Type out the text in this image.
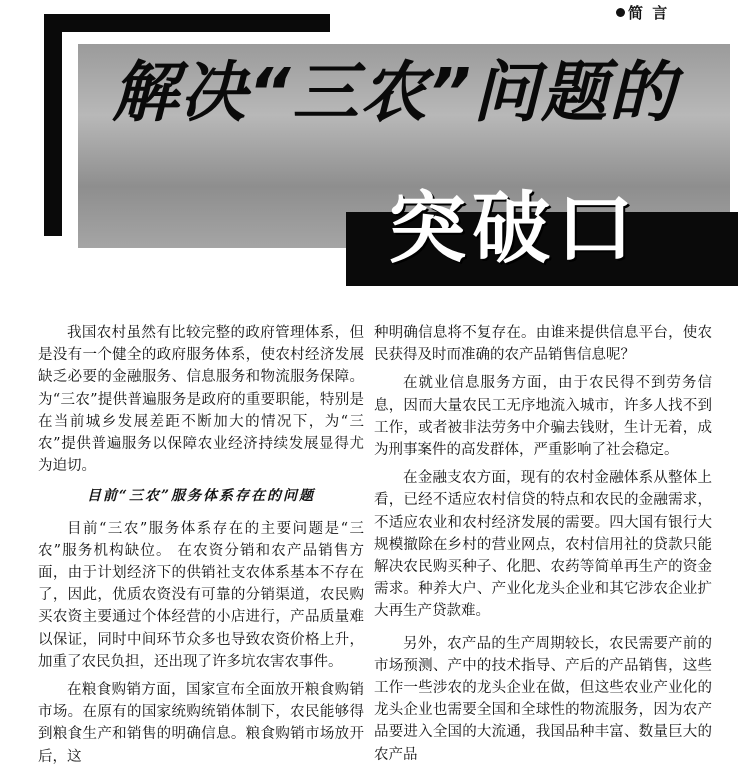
简 言
解决“三农”问题的
突破口

我国农村虽然有比较完整的政府管理体系，但是没有一个健全的政府服务体系，使农村经济发展缺乏必要的金融服务、信息服务和物流服务保障。为“三农”提供普遍服务是政府的重要职能，特别是在当前城乡发展差距不断加大的情况下，为“三农”提供普遍服务以保障农业经济持续发展显得尤为迫切。

目前“三农”服务体系存在的问题

目前“三农”服务体系存在的主要问题是“三农”服务机构缺位。 在农资分销和农产品销售方面，由于计划经济下的供销社支农体系基本不存在了，因此，优质农资没有可靠的分销渠道，农民购买农资主要通过个体经营的小店进行，产品质量难以保证，同时中间环节众多也导致农资价格上升，加重了农民负担，还出现了许多坑农害农事件。

在粮食购销方面，国家宣布全面放开粮食购销市场。在原有的国家统购统销体制下，农民能够得到粮食生产和销售的明确信息。粮食购销市场放开后，这

种明确信息将不复存在。由谁来提供信息平台，使农民获得及时而准确的农产品销售信息呢？

在就业信息服务方面，由于农民得不到劳务信息，因而大量农民工无序地流入城市，许多人找不到工作，或者被非法劳务中介骗去钱财，生计无着，成为刑事案件的高发群体，严重影响了社会稳定。

在金融支农方面，现有的农村金融体系从整体上看，已经不适应农村信贷的特点和农民的金融需求，不适应农业和农村经济发展的需要。四大国有银行大规模撤除在乡村的营业网点，农村信用社的贷款只能解决农民购买种子、化肥、农药等简单再生产的资金需求。种养大户、产业化龙头企业和其它涉农企业扩大再生产贷款难。

另外，农产品的生产周期较长，农民需要产前的市场预测、产中的技术指导、产后的产品销售，这些工作一些涉农的龙头企业在做，但这些农业产业化的龙头企业也需要全国和全球性的物流服务，因为农产品要进入全国的大流通，我国品种丰富、数量巨大的农产品
